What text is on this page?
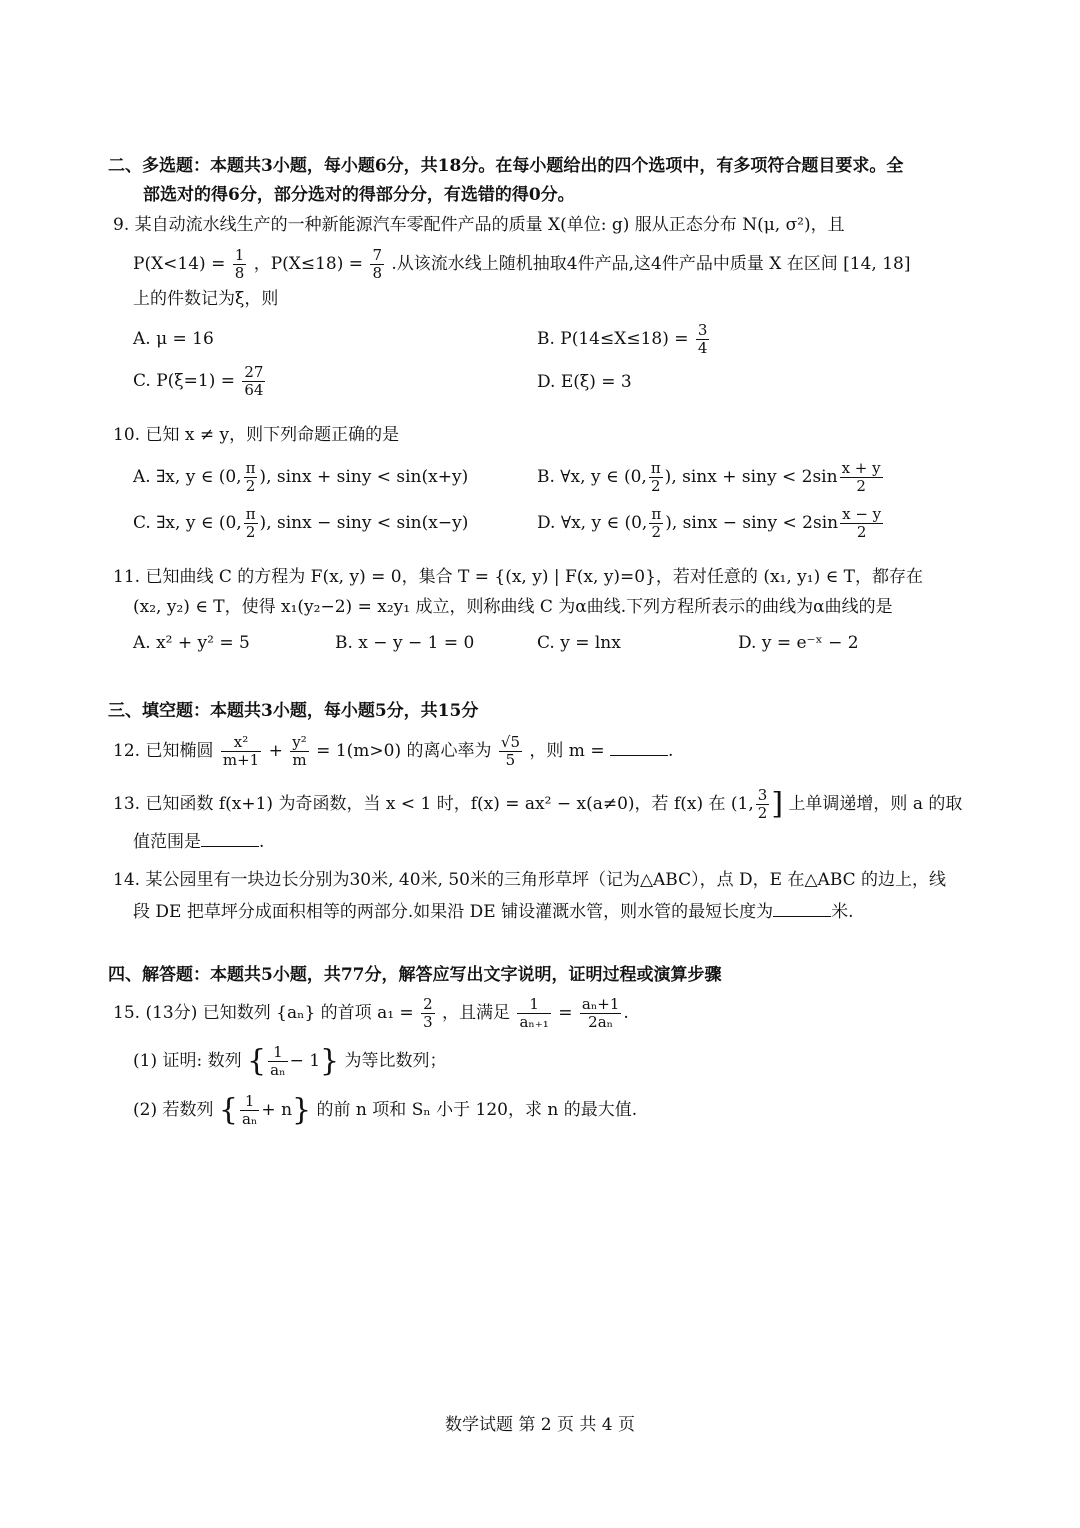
二、多选题：本题共3小题，每小题6分，共18分。在每小题给出的四个选项中，有多项符合题目要求。全
部选对的得6分，部分选对的得部分分，有选错的得0分。
9. 某自动流水线生产的一种新能源汽车零配件产品的质量 X(单位: g) 服从正态分布 N(μ, σ²)，且
$P(X<14) = \frac{1}{8}$ ，$P(X\le 18) = \frac{7}{8}$ .从该流水线上随机抽取4件产品,这4件产品中质量 X 在区间 [14, 18]
上的件数记为ξ，则
A. μ = 16	B. $P(14\le X\le 18) = \frac{3}{4}$
C. $P(\xi=1) = \frac{27}{64}$	D. E(ξ) = 3
10. 已知 x ≠ y，则下列命题正确的是
A. ∃x, y ∈ (0, $\frac{\pi}{2}$ ), sinx + siny < sin(x+y)	B. ∀x, y ∈ (0, $\frac{\pi}{2}$ ), $\sin x + \sin y < 2\sin \frac{x + y}{2}$
C. ∃x, y ∈ (0, $\frac{\pi}{2}$ ), sinx − siny < sin(x−y)	D. ∀x, y ∈ (0, $\frac{\pi}{2}$ ), $\sin x - \sin y < 2\sin \frac{x - y}{2}$
11. 已知曲线 C 的方程为 F(x, y) = 0，集合 T = {(x, y) | F(x, y)=0}，若对任意的 (x₁, y₁) ∈ T，都存在
(x₂, y₂) ∈ T，使得 x₁(y₂−2) = x₂y₁ 成立，则称曲线 C 为α曲线.下列方程所表示的曲线为α曲线的是
A. x² + y² = 5	B. x − y − 1 = 0	C. y = lnx	D. y = e⁻ˣ − 2
三、填空题：本题共3小题，每小题5分，共15分
12. 已知椭圆 $\frac{\text{x²}}{m+1} + \frac{\text{y²}}{m} = 1(m>0)$ 的离心率为 $\frac{√5}{5}$ ，则 m =	.
13. 已知函数 f(x+1) 为奇函数，当 x < 1 时，f(x) = ax² − x(a≠0)，若 f(x) 在 (1, $\frac{3}{2}$ ] 上单调递增，则 a 的取
值范围是	.
14. 某公园里有一块边长分别为30米, 40米, 50米的三角形草坪（记为△ABC），点 D，E 在△ABC 的边上，线
段 DE 把草坪分成面积相等的两部分.如果沿 DE 铺设灌溉水管，则水管的最短长度为	米.
四、解答题：本题共5小题，共77分，解答应写出文字说明，证明过程或演算步骤
15. (13分) 已知数列 {aₙ} 的首项 $a_1 = \frac{2}{3}$ ，且满足 $\frac{1}{\text{aₙ₊₁}} = \frac{\text{aₙ+1}}{\text{2aₙ}}$ .
(1) 证明: 数列 { $\frac{1}{\text{aₙ}} - 1$} 为等比数列；
(2) 若数列 { $\frac{1}{\text{aₙ}} + n$} 的前 n 项和 Sₙ 小于 120，求 n 的最大值.
数学试题 第 2 页 共 4 页
